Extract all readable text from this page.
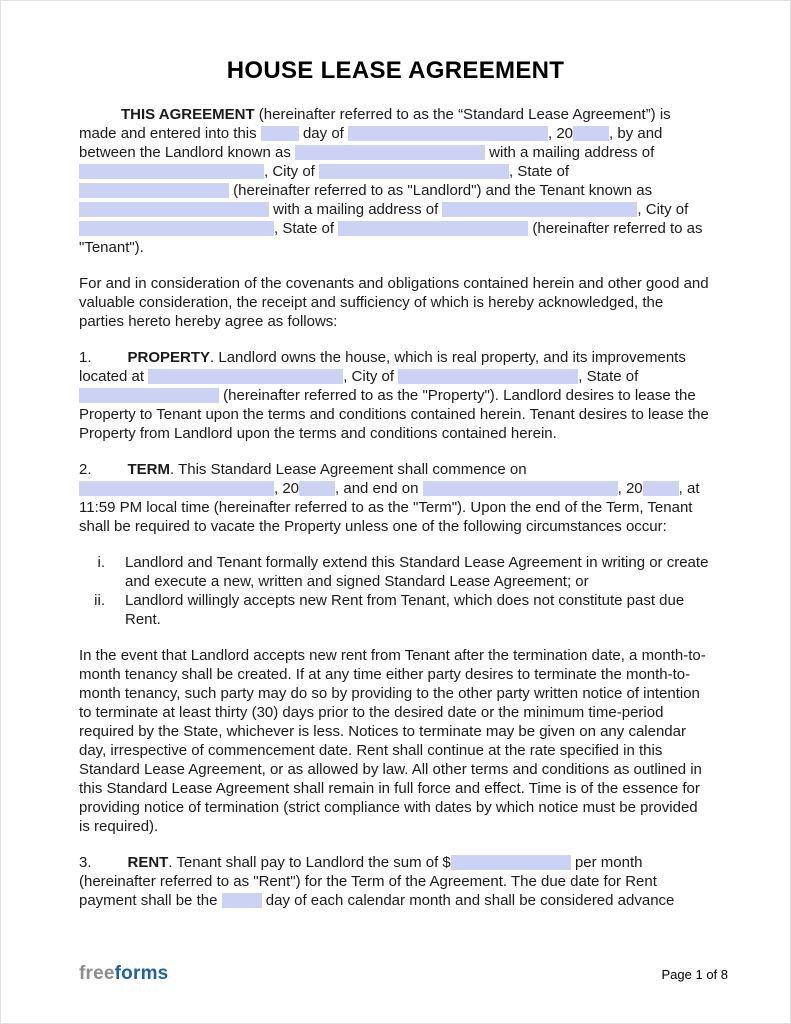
HOUSE LEASE AGREEMENT

THIS AGREEMENT (hereinafter referred to as the “Standard Lease Agreement”) is made and entered into this	day of	, 20 , by and between the Landlord known as	with a mailing address of , City of	, State of  (hereinafter referred to as "Landlord") and the Tenant known as  with a mailing address of	, City of , State of	(hereinafter referred to as "Tenant").

For and in consideration of the covenants and obligations contained herein and other good and valuable consideration, the receipt and sufficiency of which is hereby acknowledged, the parties hereto hereby agree as follows:

1. PROPERTY. Landlord owns the house, which is real property, and its improvements located at	, City of	, State of  (hereinafter referred to as the "Property"). Landlord desires to lease the Property to Tenant upon the terms and conditions contained herein. Tenant desires to lease the Property from Landlord upon the terms and conditions contained herein.

2. TERM. This Standard Lease Agreement shall commence on , 20 , and end on	, 20 , at 11:59 PM local time (hereinafter referred to as the "Term"). Upon the end of the Term, Tenant shall be required to vacate the Property unless one of the following circumstances occur:

i. Landlord and Tenant formally extend this Standard Lease Agreement in writing or create and execute a new, written and signed Standard Lease Agreement; or
ii. Landlord willingly accepts new Rent from Tenant, which does not constitute past due Rent.

In the event that Landlord accepts new rent from Tenant after the termination date, a month-to-month tenancy shall be created. If at any time either party desires to terminate the month-to-month tenancy, such party may do so by providing to the other party written notice of intention to terminate at least thirty (30) days prior to the desired date or the minimum time-period required by the State, whichever is less. Notices to terminate may be given on any calendar day, irrespective of commencement date. Rent shall continue at the rate specified in this Standard Lease Agreement, or as allowed by law. All other terms and conditions as outlined in this Standard Lease Agreement shall remain in full force and effect. Time is of the essence for providing notice of termination (strict compliance with dates by which notice must be provided is required).

3. RENT. Tenant shall pay to Landlord the sum of $	per month (hereinafter referred to as "Rent") for the Term of the Agreement. The due date for Rent payment shall be the	day of each calendar month and shall be considered advance

freeforms	Page 1 of 8
